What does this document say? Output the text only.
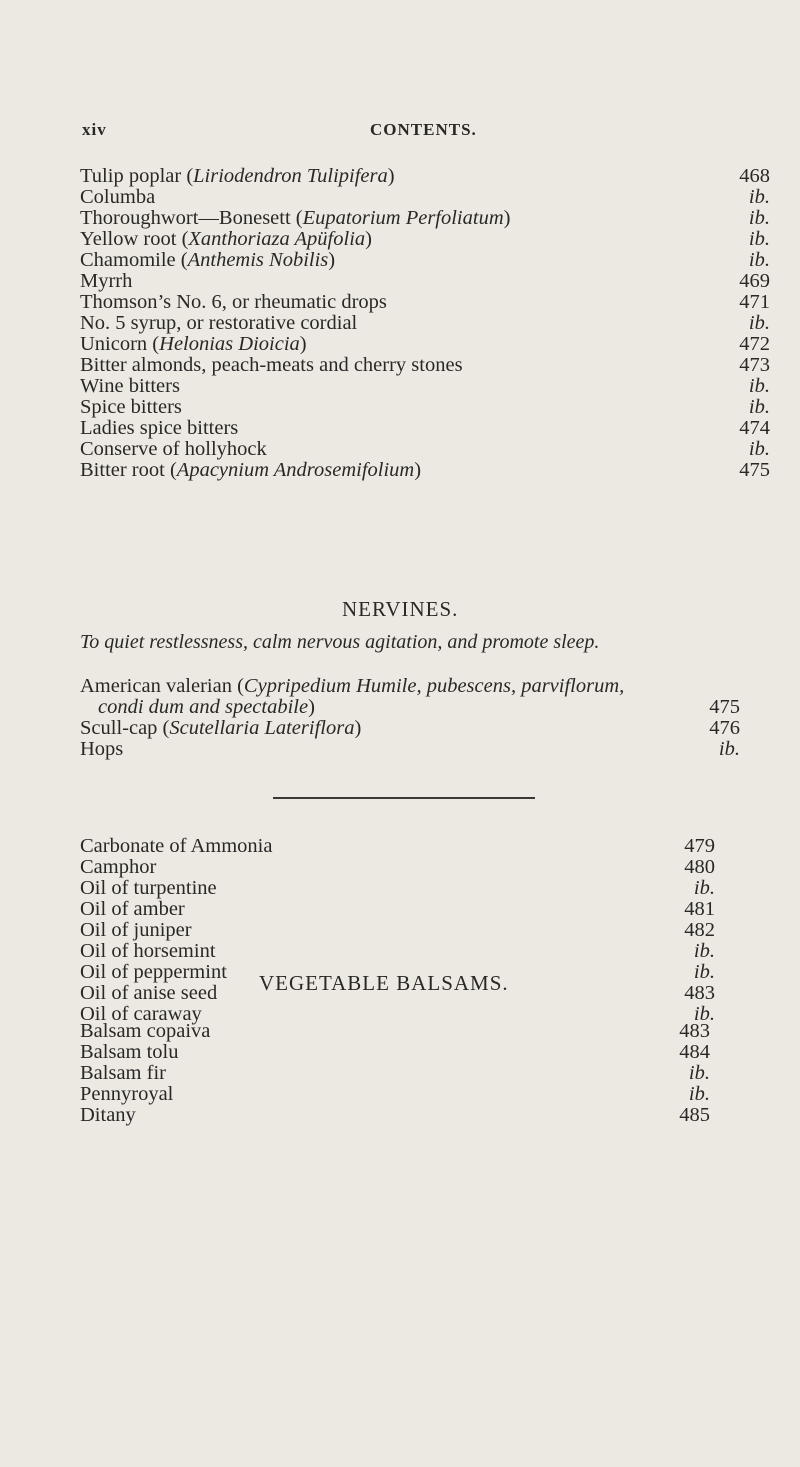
xiv	CONTENTS.
Tulip poplar (Liriodendron Tulipifera)	468
Columba	ib.
Thoroughwort—Bonesett (Eupatorium Perfoliatum)	ib.
Yellow root (Xanthoriaza Apüfolia)	ib.
Chamomile (Anthemis Nobilis)	ib.
Myrrh	469
Thomson’s No. 6, or rheumatic drops	471
No. 5 syrup, or restorative cordial	ib.
Unicorn (Helonias Dioicia)	472
Bitter almonds, peach-meats and cherry stones	473
Wine bitters	ib.
Spice bitters	ib.
Ladies spice bitters	474
Conserve of hollyhock	ib.
Bitter root (Apacynium Androsemifolium)	475
NERVINES.
To quiet restlessness, calm nervous agitation, and promote sleep.
American valerian (Cypripedium Humile, pubescens, parviflorum,
condi dum and spectabile)	475
Scull-cap (Scutellaria Lateriflora)	476
Hops	ib.
Carbonate of Ammonia	479
Camphor	480
Oil of turpentine	ib.
Oil of amber	481
Oil of juniper	482
Oil of horsemint	ib.
Oil of peppermint	ib.
Oil of anise seed	483
Oil of caraway	ib.
VEGETABLE BALSAMS.
Balsam copaiva	483
Balsam tolu	484
Balsam fir	ib.
Pennyroyal	ib.
Ditany	485
